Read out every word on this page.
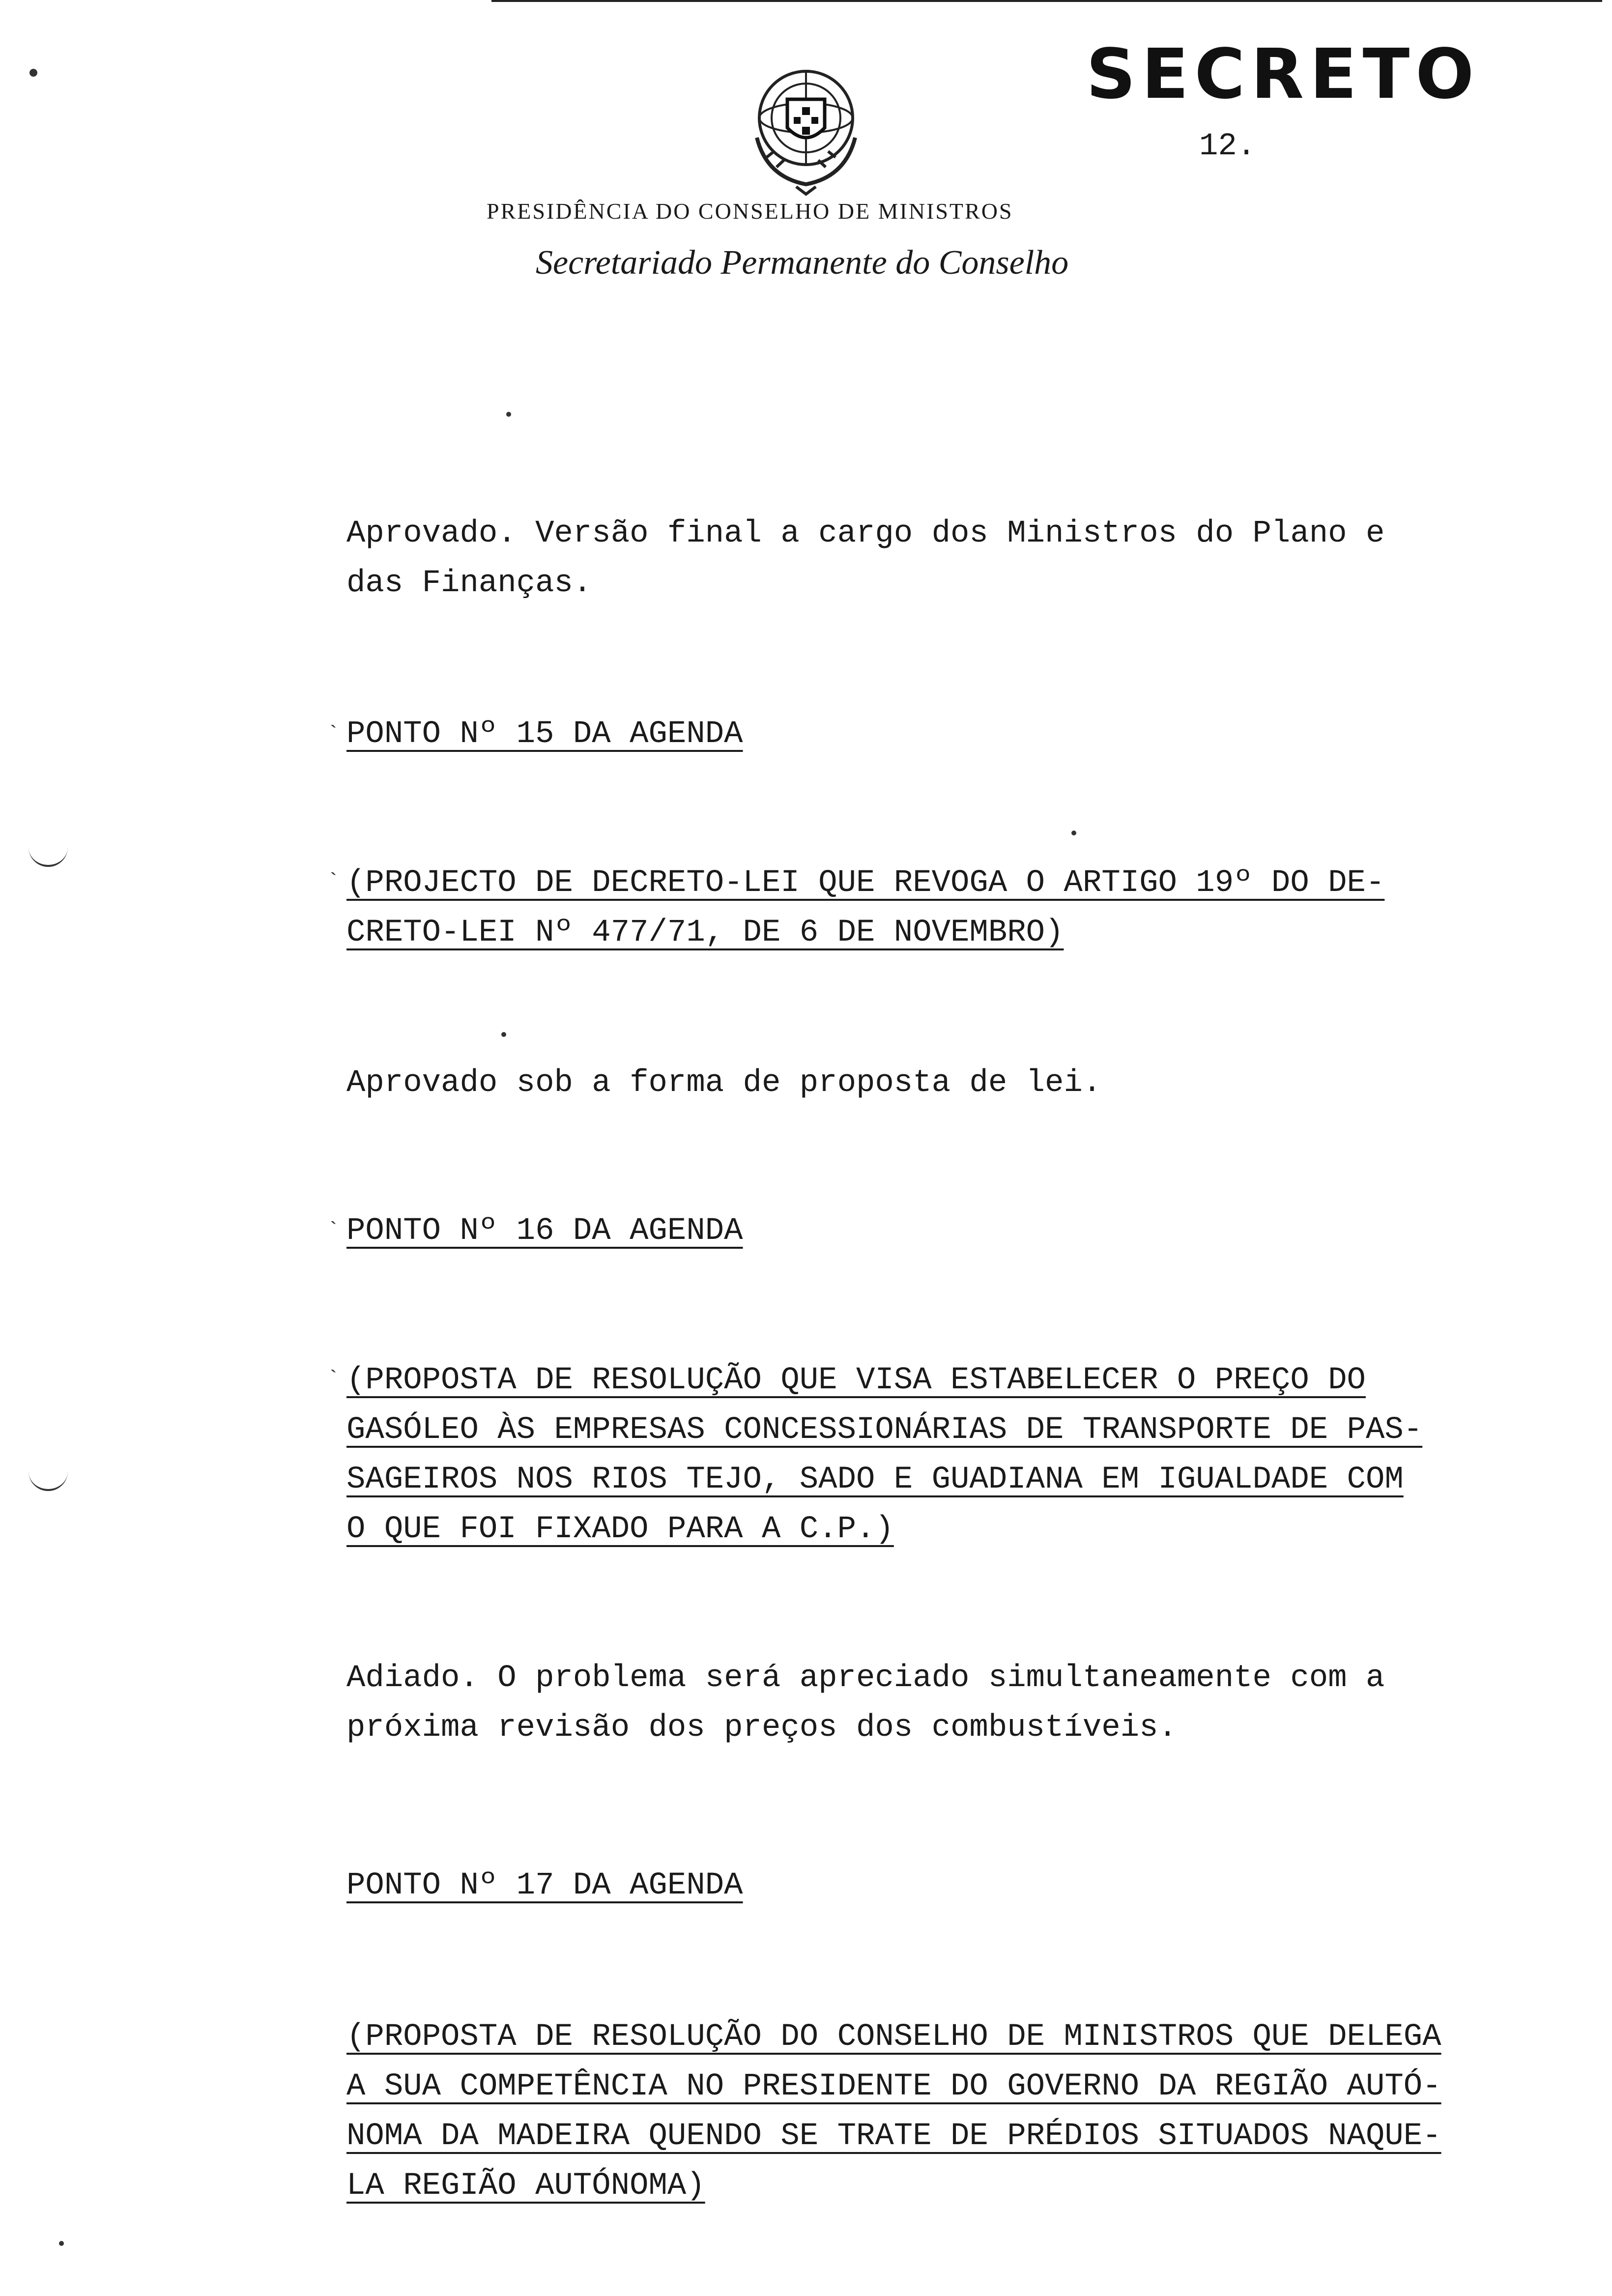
SECRETO
12.
PRESIDÊNCIA DO CONSELHO DE MINISTROS
Secretariado Permanente do Conselho
Aprovado. Versão final a cargo dos Ministros do Plano e
das Finanças.
PONTO Nº 15 DA AGENDA
(PROJECTO DE DECRETO-LEI QUE REVOGA O ARTIGO 19º DO DE-
CRETO-LEI Nº 477/71, DE 6 DE NOVEMBRO)
Aprovado sob a forma de proposta de lei.
PONTO Nº 16 DA AGENDA
(PROPOSTA DE RESOLUÇÃO QUE VISA ESTABELECER O PREÇO DO
GASÓLEO ÀS EMPRESAS CONCESSIONÁRIAS DE TRANSPORTE DE PAS-
SAGEIROS NOS RIOS TEJO, SADO E GUADIANA EM IGUALDADE COM
O QUE FOI FIXADO PARA A C.P.)
Adiado. O problema será apreciado simultaneamente com a
próxima revisão dos preços dos combustíveis.
PONTO Nº 17 DA AGENDA
(PROPOSTA DE RESOLUÇÃO DO CONSELHO DE MINISTROS QUE DELEGA
A SUA COMPETÊNCIA NO PRESIDENTE DO GOVERNO DA REGIÃO AUTÓ-
NOMA DA MADEIRA QUENDO SE TRATE DE PRÉDIOS SITUADOS NAQUE-
LA REGIÃO AUTÓNOMA)
`
`
`
`
